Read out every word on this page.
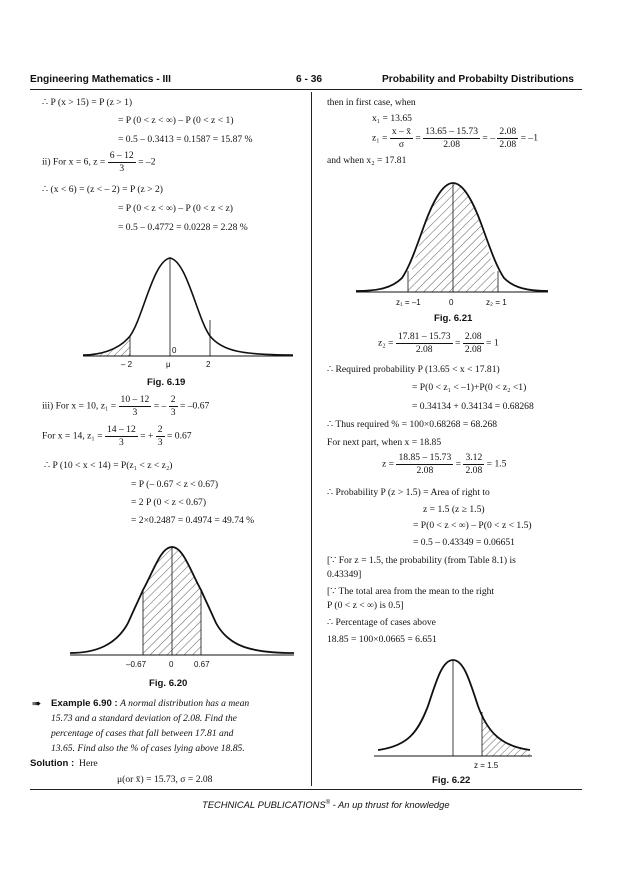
Engineering Mathematics - III	6 - 36	Probability and Probabilty Distributions
∴ P (x > 15) = P (z > 1)
= P (0 < z < ∞) – P (0 < z < 1)
= 0.5 – 0.3413 = 0.1587 = 15.87 %
ii) For x = 6, $z = \frac{6 - 12}{3} = -2$
∴ (x < 6) = (z < – 2) = P (z > 2)
= P (0 < z < ∞) – P (0 < z < z)
= 0.5 – 0.4772 = 0.0228 = 2.28 %
0
– 2	μ	2
Fig. 6.19
iii) For x = 10, $z_1 = \frac{10 - 12}{3}$ = – $\frac{2}{3} = -0.67$
For x = 14, $z_1 = \frac{14 - 12}{3}$ = + $\frac{2}{3} = 0.67$
∴ P (10 < x < 14) = P(z₁ < z < z₂)
= P (– 0.67 < z < 0.67)
= 2 P (0 < z < 0.67)
= 2×0.2487 = 0.4974 = 49.74 %
–0.67	0	0.67
Fig. 6.20
➠ Example 6.90 : A normal distribution has a mean
15.73 and a standard deviation of 2.08. Find the
percentage of cases that fall between 17.81 and
13.65. Find also the % of cases lying above 18.85.
Solution : Here
μ(or x̄) = 15.73, σ = 2.08
then in first case, when
x₁ = 13.65
$z_1 = \frac{x - x̄}{\sigma} = \frac{13.65 - 15.73}{2.08}$ = – $\frac{2.08}{2.08} = -1$
and when x₂ = 17.81
z₁ = –1	0	z₂ = 1
Fig. 6.21
$z_2 = \frac{17.81 - 15.73}{2.08} = \frac{2.08}{2.08} = 1$
∴ Required probability P (13.65 < x < 17.81)
= P(0 < z₁ < –1)+P(0 < z₂ <1)
= 0.34134 + 0.34134 = 0.68268
∴ Thus required % = 100×0.68268 = 68.268
For next part, when x = 18.85
$z = \frac{18.85 - 15.73}{2.08} = \frac{3.12}{2.08} = 1.5$
∴ Probability P (z > 1.5) = Area of right to
z = 1.5 (z ≥ 1.5)
= P(0 < z < ∞) – P(0 < z < 1.5)
= 0.5 – 0.43349 = 0.06651
[∵ For z = 1.5, the probability (from Table 8.1) is
0.43349]
[∵ The total area from the mean to the right
P (0 < z < ∞) is 0.5]
∴ Percentage of cases above
18.85 = 100×0.0665 = 6.651
z = 1.5
Fig. 6.22
TECHNICAL PUBLICATIONS® - An up thrust for knowledge
